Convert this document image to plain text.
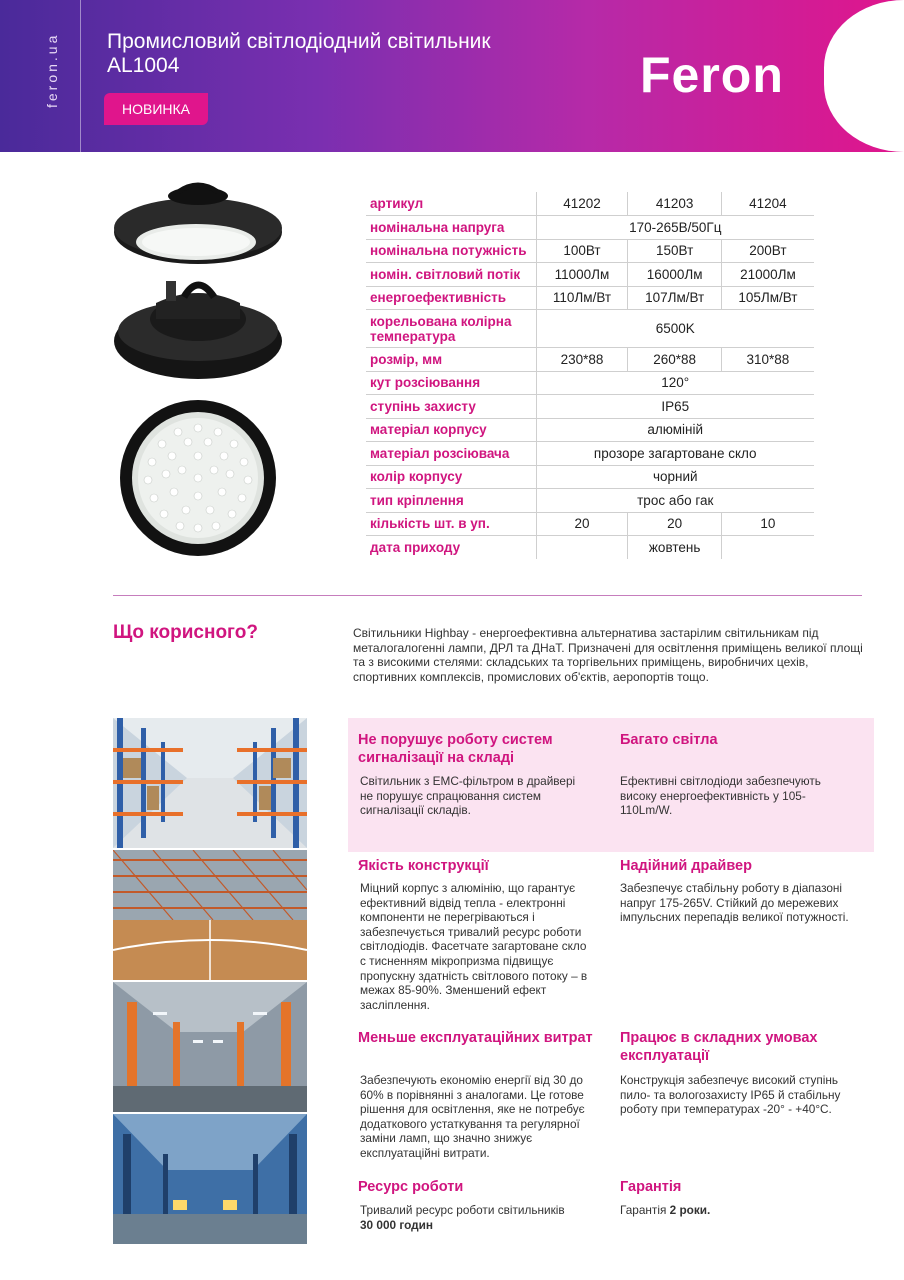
feron.ua Промисловий світлодіодний світильник
AL1004
НОВИНКА
Feron
артикул	41202	41203	41204
номінальна напруга	170-265В/50Гц		
номінальна потужність	100Вт	150Вт	200Вт
номін. світловий потік	11000Лм	16000Лм	21000Лм
енергоефективність	110Лм/Вт	107Лм/Вт	105Лм/Вт
корельована колірна температура	6500K		
розмір, мм	230*88	260*88	310*88
кут розсіювання	120°		
ступінь захисту	IP65		
матеріал корпусу	алюміній		
матеріал розсіювача	прозоре загартоване скло		
колір корпусу	чорний		
тип кріплення	трос або гак		
кількість шт. в уп.	20	20	10
дата приходу		жовтень	
Що корисного?	Світильники Highbay - енергоефективна альтернатива застарілим світильникам під металогалогенні лампи, ДРЛ та ДНаТ. Призначені для освітлення приміщень великої площі та з високими стелями: складських та торгівельних приміщень, виробничих цехів, спортивних комплексів, промислових об'єктів, аеропортів тощо.
Не порушує роботу систем сигналізації на складі
Світильник з ЕМС-фільтром в драйвері не порушує спрацювання систем сигналізації складів.
Багато світла
Ефективні світлодіоди забезпечують високу енергоефективність у 105-110Lm/W.
Якість конструкції
Міцний корпус з алюмінію, що гарантує ефективний відвід тепла - електронні компоненти не перегріваються і забезпечується тривалий ресурс роботи світлодіодів. Фасетчате загартоване скло с тисненням мікропризма підвищує пропускну здатність світлового потоку – в межах 85-90%. Зменшений ефект засліплення.
Надійний драйвер
Забезпечує стабільну роботу в діапазоні напруг 175-265V. Стійкий до мережевих імпульсних перепадів великої потужності.
Меньше експлуатаційних витрат
Забезпечують економію енергії від 30 до 60% в порівнянні з аналогами. Це готове рішення для освітлення, яке не потребує додаткового устаткування та регулярної заміни ламп, що значно знижує експлуатаційні витрати.
Працює в складних умовах експлуатації
Конструкція забезпечує високий ступінь пило- та вологозахисту IP65 й стабільну роботу при температурах -20° - +40°С.
Ресурс роботи
Тривалий ресурс роботи світильників
30 000 годин
Гарантія
Гарантія 2 роки.
